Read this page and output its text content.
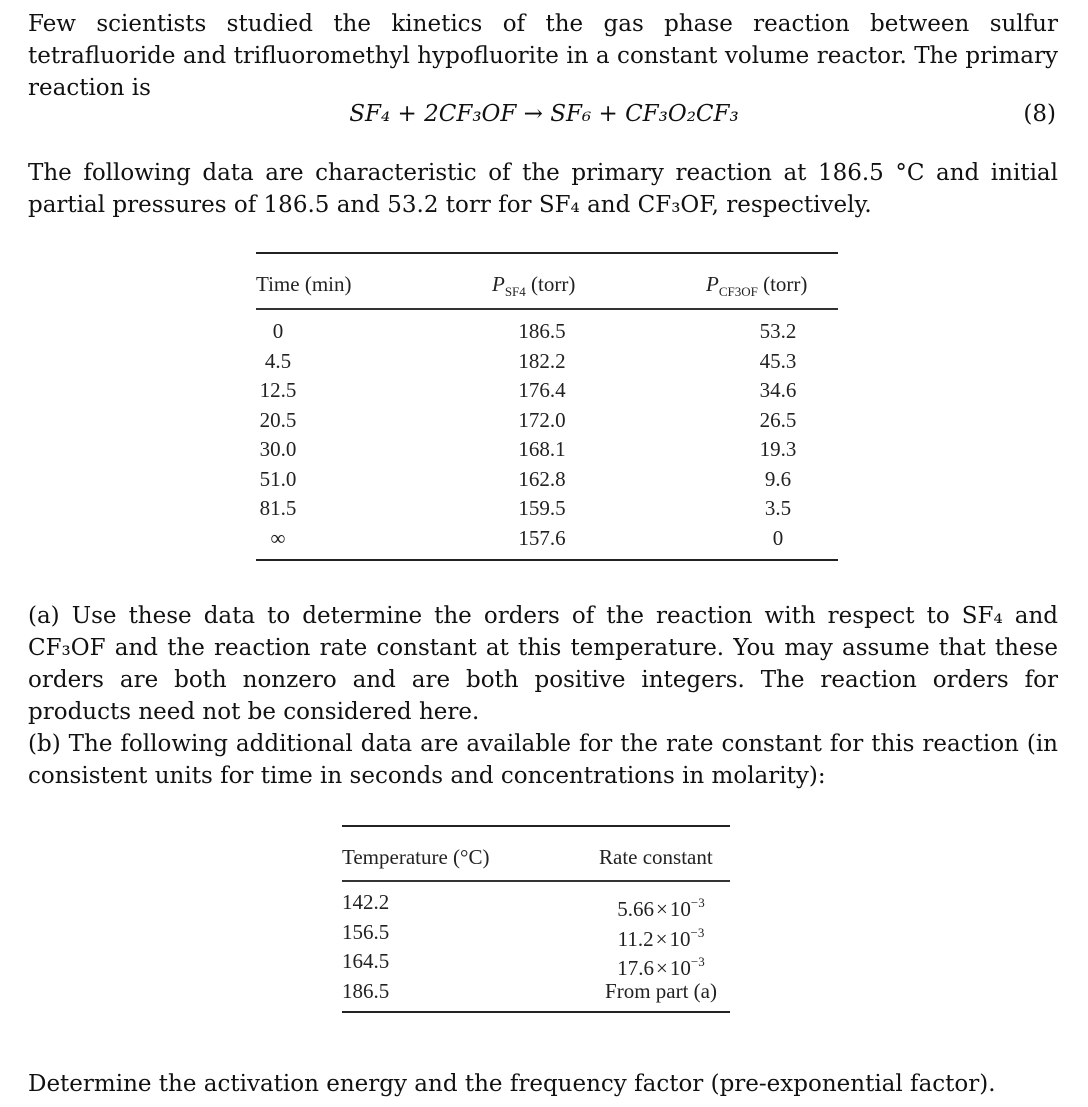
Few scientists studied the kinetics of the gas phase reaction between sulfur tetrafluoride and trifluoromethyl hypofluorite in a constant volume reactor. The primary reaction is

SF₄ + 2CF₃OF → SF₆ + CF₃O₂CF₃	(8)

The following data are characteristic of the primary reaction at 186.5 °C and initial partial pressures of 186.5 and 53.2 torr for SF₄ and CF₃OF, respectively.

Time (min)	$P_{SF4}$ (torr)	$P_{CF3OF}$ (torr)
0	186.5	53.2
4.5	182.2	45.3
12.5	176.4	34.6
20.5	172.0	26.5
30.0	168.1	19.3
51.0	162.8	9.6
81.5	159.5	3.5
∞	157.6	0

(a) Use these data to determine the orders of the reaction with respect to SF₄ and CF₃OF and the reaction rate constant at this temperature. You may assume that these orders are both nonzero and are both positive integers. The reaction orders for products need not be considered here.

(b) The following additional data are available for the rate constant for this reaction (in consistent units for time in seconds and concentrations in molarity):

Temperature (°C)	Rate constant
142.2	$5.66\times 10^{-3}$
156.5	$11.2\times 10^{-3}$
164.5	$17.6\times 10^{-3}$
186.5	From part (a)

Determine the activation energy and the frequency factor (pre-exponential factor).
